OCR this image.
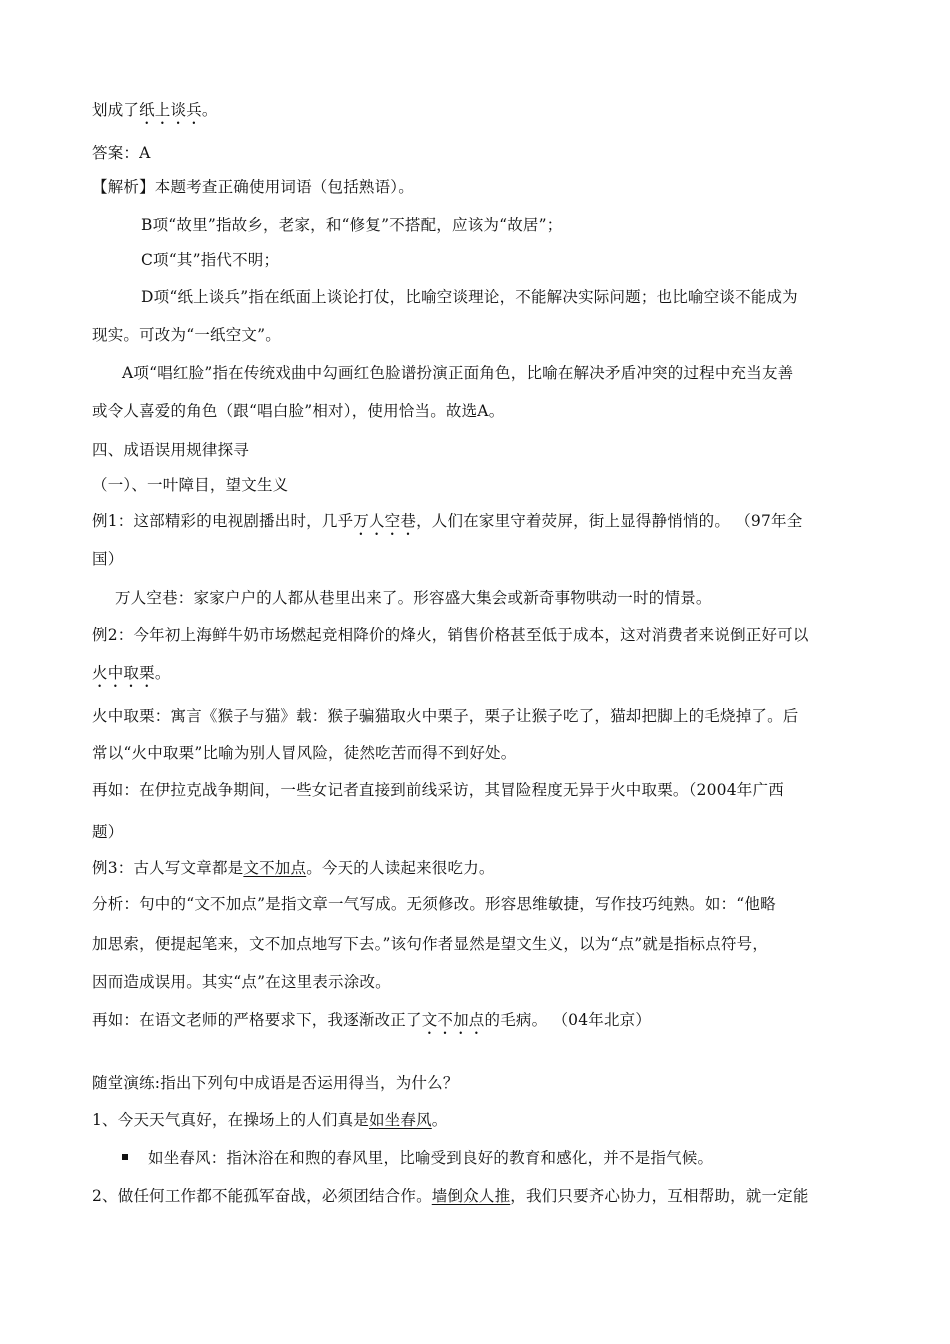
划成了纸上谈兵。
答案：A
【解析】本题考查正确使用词语（包括熟语）。
B项“故里”指故乡，老家，和“修复”不搭配，应该为“故居”；
C项“其”指代不明；
D项“纸上谈兵”指在纸面上谈论打仗，比喻空谈理论，不能解决实际问题；也比喻空谈不能成为
现实。可改为“一纸空文”。
A项“唱红脸”指在传统戏曲中勾画红色脸谱扮演正面角色，比喻在解决矛盾冲突的过程中充当友善
或令人喜爱的角色（跟“唱白脸”相对），使用恰当。故选A。
四、成语误用规律探寻
（一）、一叶障目，望文生义
例1：这部精彩的电视剧播出时，几乎万人空巷，人们在家里守着荧屏，街上显得静悄悄的。 （97年全
国）
万人空巷：家家户户的人都从巷里出来了。形容盛大集会或新奇事物哄动一时的情景。
例2：今年初上海鲜牛奶市场燃起竞相降价的烽火，销售价格甚至低于成本，这对消费者来说倒正好可以
火中取栗。
火中取栗：寓言《猴子与猫》载：猴子骗猫取火中栗子，栗子让猴子吃了，猫却把脚上的毛烧掉了。后
常以“火中取栗”比喻为别人冒风险，徒然吃苦而得不到好处。
再如：在伊拉克战争期间，一些女记者直接到前线采访，其冒险程度无异于火中取栗。（2004年广西
题）
例3：古人写文章都是文不加点。今天的人读起来很吃力。
分析：句中的“文不加点”是指文章一气写成。无须修改。形容思维敏捷，写作技巧纯熟。如：“他略
加思索，便提起笔来，文不加点地写下去。”该句作者显然是望文生义，以为“点”就是指标点符号，
因而造成误用。其实“点”在这里表示涂改。
再如：在语文老师的严格要求下，我逐渐改正了文不加点的毛病。 （04年北京）
随堂演练:指出下列句中成语是否运用得当，为什么？
1、今天天气真好，在操场上的人们真是如坐春风。
如坐春风：指沐浴在和煦的春风里，比喻受到良好的教育和感化，并不是指气候。
2、做任何工作都不能孤军奋战，必须团结合作。墙倒众人推，我们只要齐心协力，互相帮助，就一定能
